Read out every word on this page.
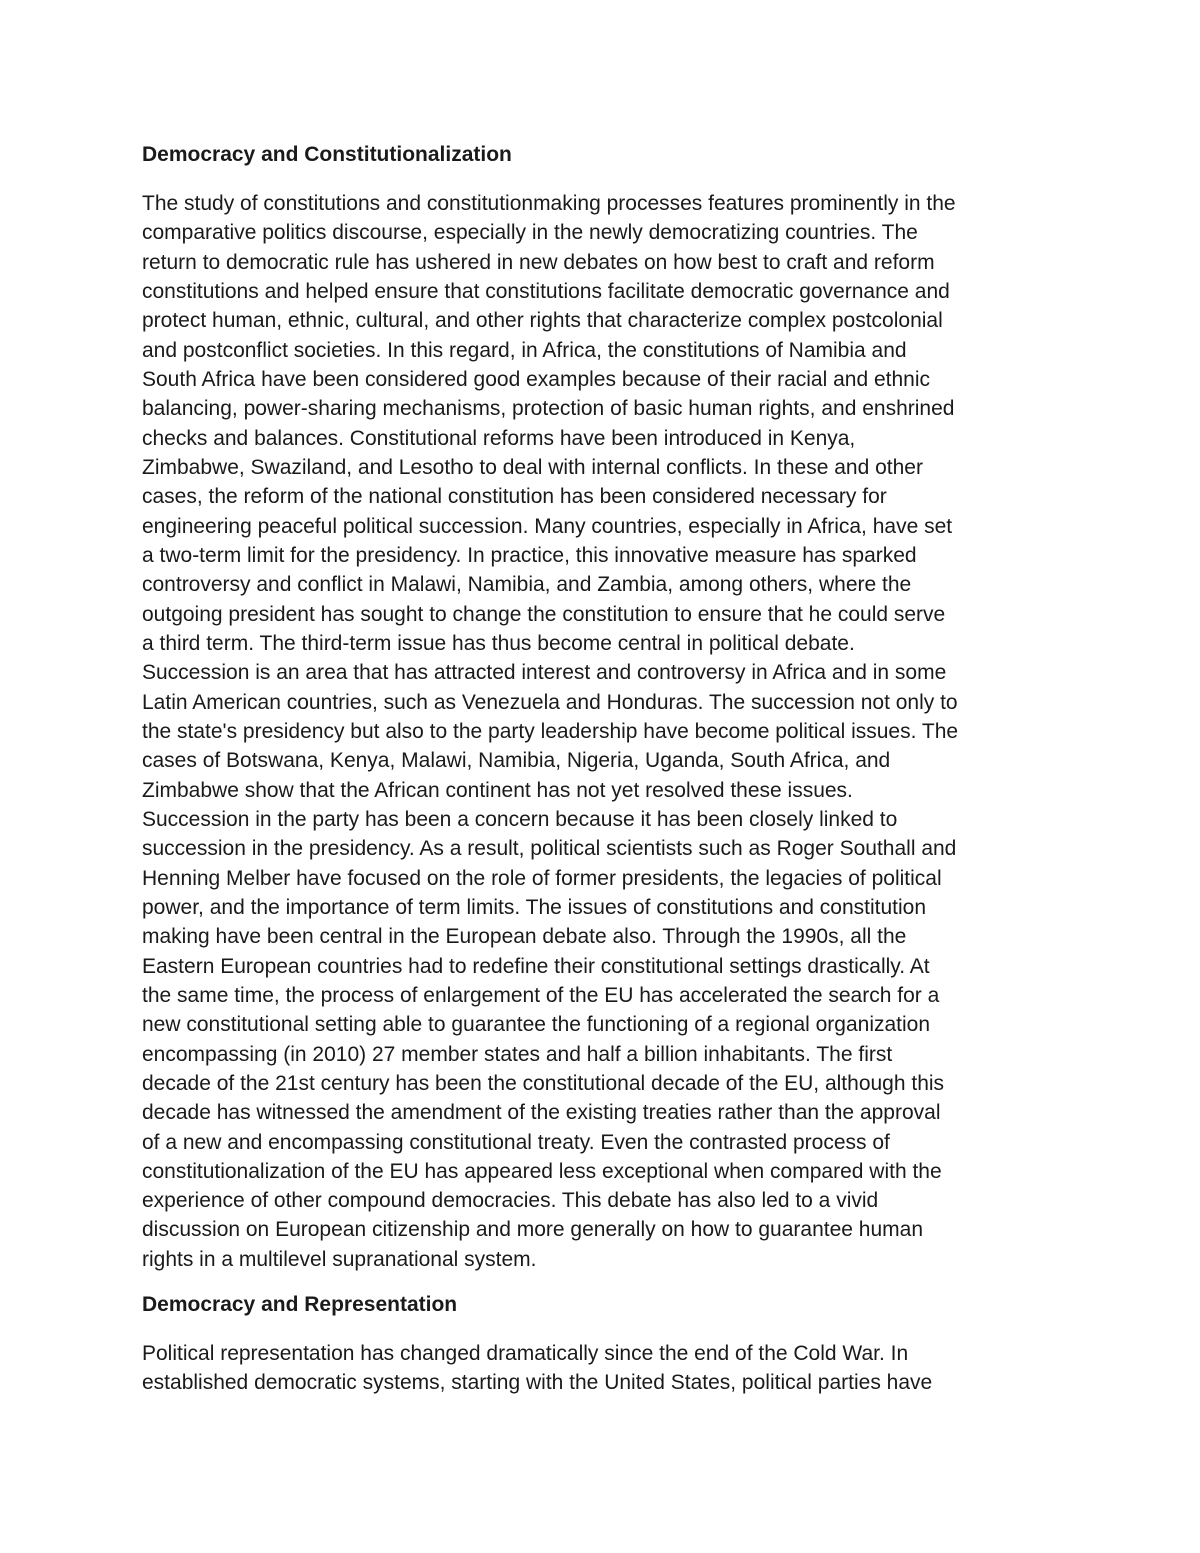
Democracy and Constitutionalization
The study of constitutions and constitutionmaking processes features prominently in the
comparative politics discourse, especially in the newly democratizing countries. The
return to democratic rule has ushered in new debates on how best to craft and reform
constitutions and helped ensure that constitutions facilitate democratic governance and
protect human, ethnic, cultural, and other rights that characterize complex postcolonial
and postconflict societies. In this regard, in Africa, the constitutions of Namibia and
South Africa have been considered good examples because of their racial and ethnic
balancing, power-sharing mechanisms, protection of basic human rights, and enshrined
checks and balances. Constitutional reforms have been introduced in Kenya,
Zimbabwe, Swaziland, and Lesotho to deal with internal conflicts. In these and other
cases, the reform of the national constitution has been considered necessary for
engineering peaceful political succession. Many countries, especially in Africa, have set
a two-term limit for the presidency. In practice, this innovative measure has sparked
controversy and conflict in Malawi, Namibia, and Zambia, among others, where the
outgoing president has sought to change the constitution to ensure that he could serve
a third term. The third-term issue has thus become central in political debate.
Succession is an area that has attracted interest and controversy in Africa and in some
Latin American countries, such as Venezuela and Honduras. The succession not only to
the state's presidency but also to the party leadership have become political issues. The
cases of Botswana, Kenya, Malawi, Namibia, Nigeria, Uganda, South Africa, and
Zimbabwe show that the African continent has not yet resolved these issues.
Succession in the party has been a concern because it has been closely linked to
succession in the presidency. As a result, political scientists such as Roger Southall and
Henning Melber have focused on the role of former presidents, the legacies of political
power, and the importance of term limits. The issues of constitutions and constitution
making have been central in the European debate also. Through the 1990s, all the
Eastern European countries had to redefine their constitutional settings drastically. At
the same time, the process of enlargement of the EU has accelerated the search for a
new constitutional setting able to guarantee the functioning of a regional organization
encompassing (in 2010) 27 member states and half a billion inhabitants. The first
decade of the 21st century has been the constitutional decade of the EU, although this
decade has witnessed the amendment of the existing treaties rather than the approval
of a new and encompassing constitutional treaty. Even the contrasted process of
constitutionalization of the EU has appeared less exceptional when compared with the
experience of other compound democracies. This debate has also led to a vivid
discussion on European citizenship and more generally on how to guarantee human
rights in a multilevel supranational system.
Democracy and Representation
Political representation has changed dramatically since the end of the Cold War. In
established democratic systems, starting with the United States, political parties have
